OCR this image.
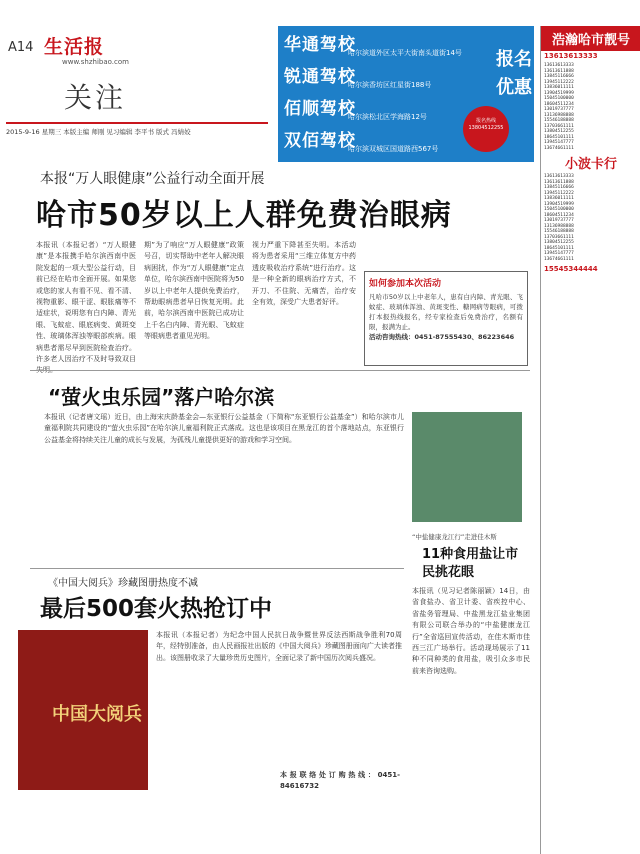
A14 生活报
www.shzhibao.com
关注
2015-9-16 星期三 本版主编 师刚 见习编辑 李平书 版式 冯婧姣
华通驾校
哈尔滨道外区太平大街南头道街14号
锐通驾校
哈尔滨香坊区红星街188号
佰顺驾校
哈尔滨松北区学海路12号
双佰驾校
哈尔滨双城区国道路西567号
报名热线 13804512255
报名优惠
本报“万人眼健康”公益行动全面开展
哈市50岁以上人群免费治眼病
本报讯（本报记者）“万人眼健康”是本报携手哈尔滨西南中医院发起的一项大型公益行动，目前已经在哈市全面开展。如果您或您的家人有看不见、看不清、视物重影、眼干涩、眼胀痛等不适症状，说明您有白内障、青光眼、飞蚊症、眼底病变、黄斑变性、玻璃体浑浊等眼部疾病。眼病患者需尽早到医院检查治疗。许多老人因治疗不及时导致双目
期”为了响应“万人眼健康”政策号召，切实帮助中老年人解决眼病困扰，作为“万人眼健康”定点单位，哈尔滨西南中医院将为50岁以上中老年人提供免费治疗，帮助眼病患者早日恢复光明。此前，哈尔滨西南中医院已成功让上千名白内障、青光眼、飞蚊症等眼病患者重见光明。
视力严重下降甚至失明。本活动将为患者采用“三维立体复方中药透皮吸收治疗系统”进行治疗。这是一种全新的眼病治疗方式，不开刀、不住院、无痛苦，治疗安全有效，深受广大患者好评。
如何参加本次活动
凡哈市50岁以上中老年人，患有白内障、青光眼、飞蚊症、玻璃体浑浊、黄斑变性、糖网病等眼病，可拨打本报热线报名，经专家检查后免费治疗，名额有限，报满为止。
活动咨询热线：0451-87555430、86223646
“萤火虫乐园”落户哈尔滨
本报讯（记者唐文瑶）近日，由上海宋庆龄基金会—东亚银行公益基金（下简称“东亚银行公益基金”）和哈尔滨市儿童福利院共同建设的“萤火虫乐园”在哈尔滨儿童福利院正式落成。这也是该项目在黑龙江的首个落地站点，东亚银行公益基金将持续关注儿童的成长与发展，为孤残儿童提供更好的游戏和学习空间。
“中盐健康龙江行”走进佳木斯
11种食用盐让市民挑花眼
本报讯（见习记者陈丽颖）14日，由省食盐办、省卫计委、省疾控中心、省盐务管理局、中盐黑龙江盐业集团有限公司联合举办的“中盐健康龙江行”全省巡回宣传活动，在佳木斯市佳西三江广场举行。活动现场展示了11种不同种类的食用盐，吸引众多市民前来咨询选购。
《中国大阅兵》珍藏图册热度不减
最后500套火热抢订中
中国大阅兵
本报讯（本报记者）为纪念中国人民抗日战争暨世界反法西斯战争胜利70周年，经特别准备，由人民画报社出版的《中国大阅兵》珍藏图册面向广大读者推出。该图册收录了大量珍贵历史图片，全面记录了新中国历次阅兵盛况。
本报联络处订购热线：0451-84616732
浩瀚哈市靓号
13613613333
13613613333
13613611888
13845116666
13945112222
13836011111
13904519999
15045100000
18604511234
13019737777
13136988888
15546188888
13703661111
13804512255
18645101111
13945147777
13674661111
小波卡行
13613613333
13613611888
13845116666
13945112222
13836011111
13904519999
15045100000
18604511234
13019737777
13136988888
15546188888
13703661111
13804512255
18645101111
13945147777
13674661111
15545344444
